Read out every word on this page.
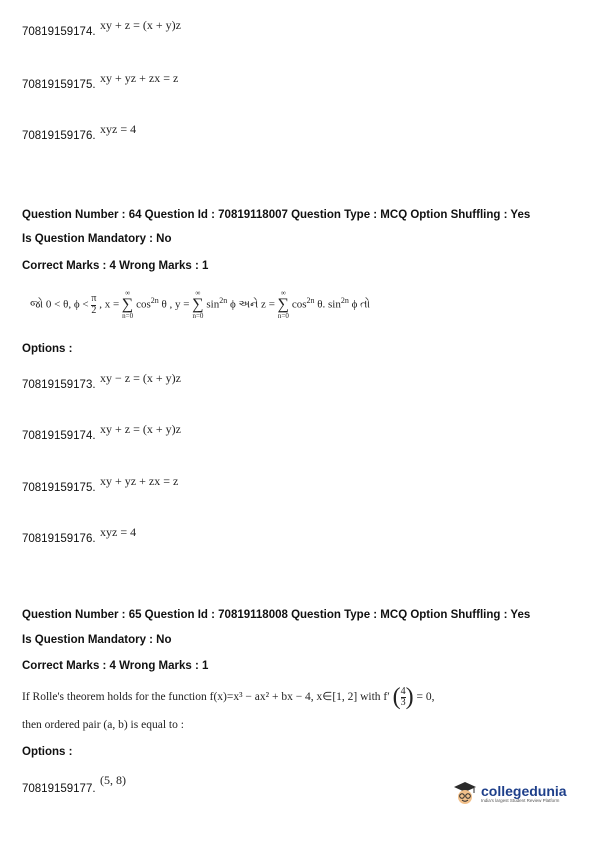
70819159174. $^{xy + z = (x + y)z}$
70819159175. $^{xy + yz + zx = z}$
70819159176. $^{xyz = 4}$
Question Number : 64 Question Id : 70819118007 Question Type : MCQ Option Shuffling : Yes
Is Question Mandatory : No
Correct Marks : 4 Wrong Marks : 1
જો 0 < θ, $\phi < \frac{\pi}{2}$ , x =
∞
∑
n=0
$\cos^{2n} \theta$ , y =
∞
∑
n=0
$\sin^{2n} \phi$ અને z =
∞
∑
n=0
$\cos^{2n} \theta$. $\sin^{2n} \phi$ તો
Options :
70819159173. $^{xy - z = (x + y)z}$
70819159174. $^{xy + z = (x + y)z}$
70819159175. $^{xy + yz + zx = z}$
70819159176. $^{xyz = 4}$
Question Number : 65 Question Id : 70819118008 Question Type : MCQ Option Shuffling : Yes
Is Question Mandatory : No
Correct Marks : 4 Wrong Marks : 1
If Rolle's theorem holds for the function f(x)=x³ − ax² + bx − 4, x∈[1, 2] with f′ ( $\frac{4}{3}$ ) = 0,
then ordered pair (a, b) is equal to :
Options :
70819159177. $^{(5, 8)}$
collegedunia
India's largest Student Review Platform
